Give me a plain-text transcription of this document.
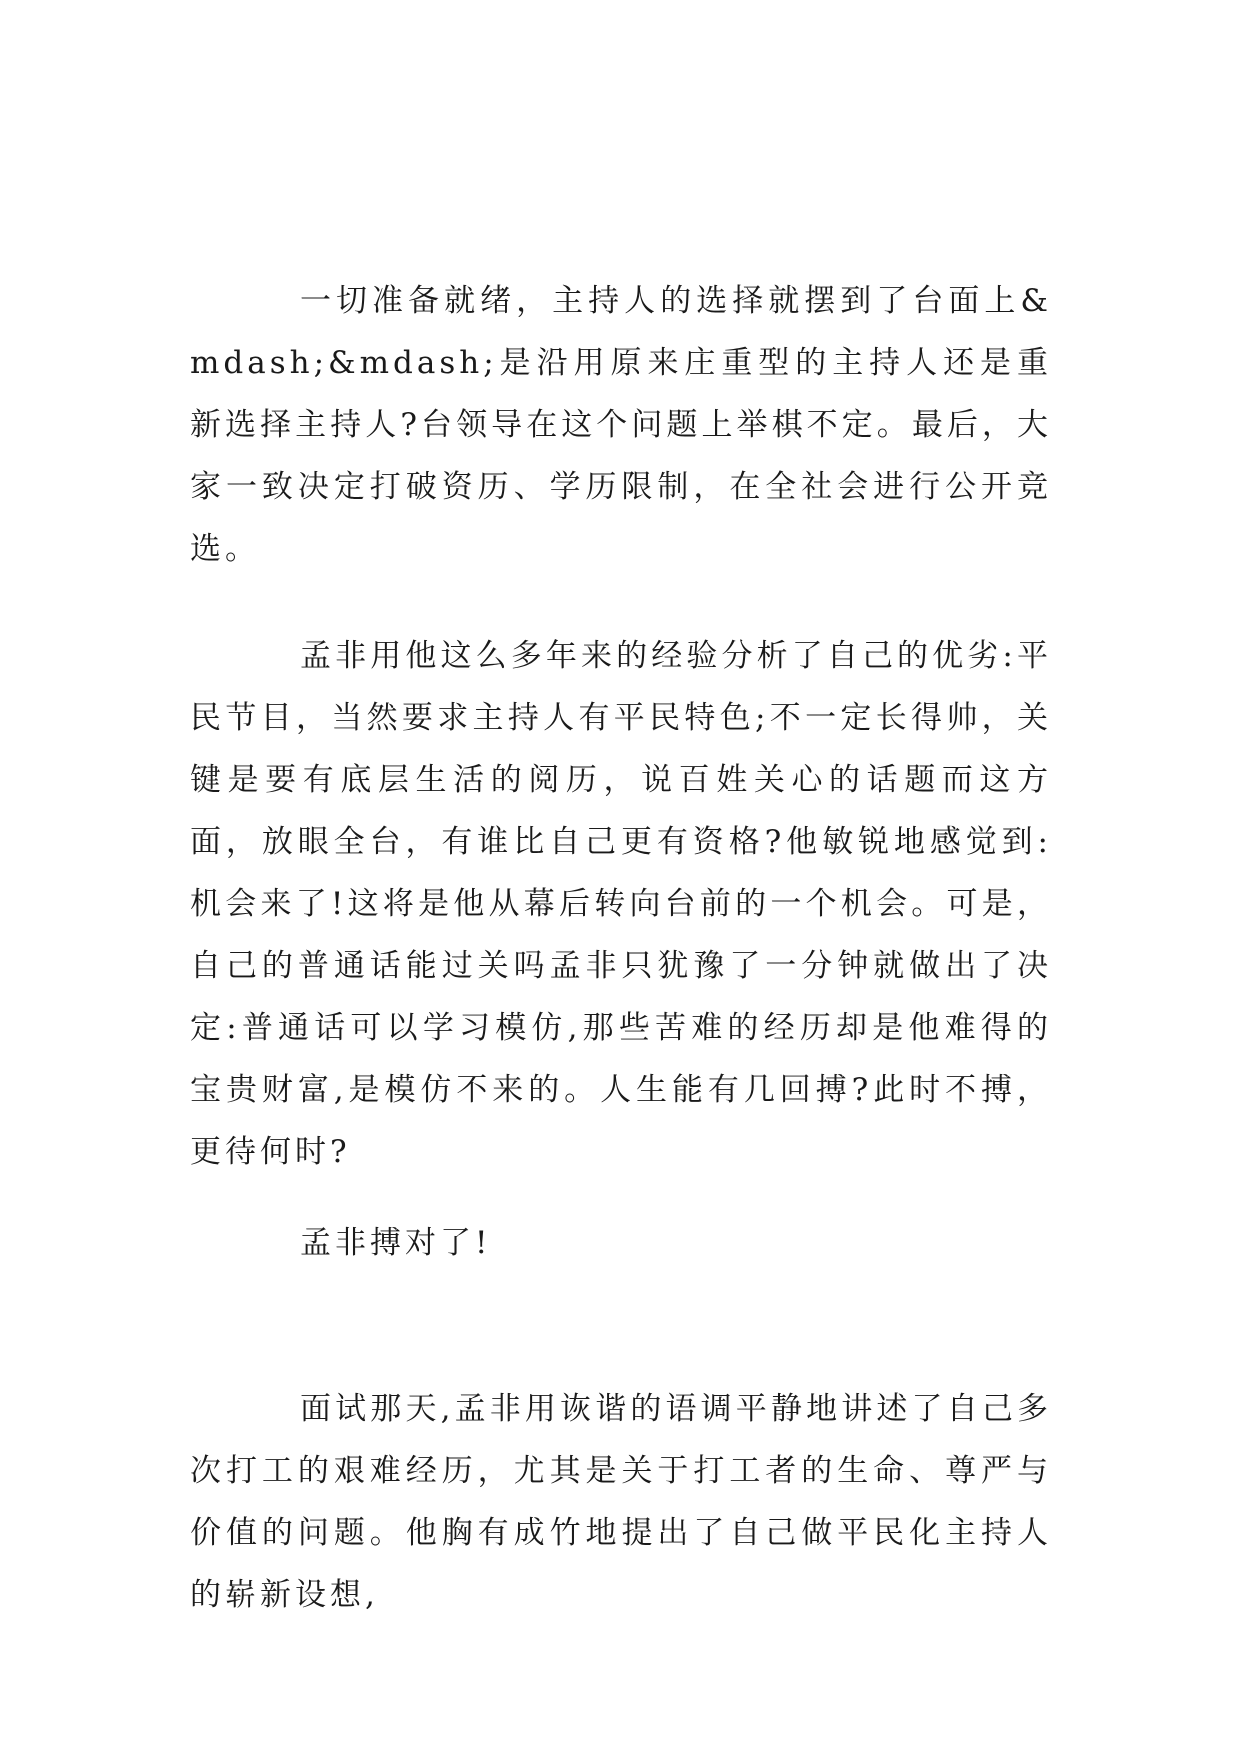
一切准备就绪，主持人的选择就摆到了台面上&mdash;&mdash;是沿用原来庄重型的主持人还是重新选择主持人?台领导在这个问题上举棋不定。最后，大家一致决定打破资历、学历限制，在全社会进行公开竞选。

孟非用他这么多年来的经验分析了自己的优劣:平民节目，当然要求主持人有平民特色;不一定长得帅，关键是要有底层生活的阅历，说百姓关心的话题而这方面，放眼全台，有谁比自己更有资格?他敏锐地感觉到:机会来了!这将是他从幕后转向台前的一个机会。可是，自己的普通话能过关吗孟非只犹豫了一分钟就做出了决定:普通话可以学习模仿,那些苦难的经历却是他难得的宝贵财富,是模仿不来的。人生能有几回搏?此时不搏，更待何时?

孟非搏对了!

面试那天,孟非用诙谐的语调平静地讲述了自己多次打工的艰难经历，尤其是关于打工者的生命、尊严与价值的问题。他胸有成竹地提出了自己做平民化主持人的崭新设想,
